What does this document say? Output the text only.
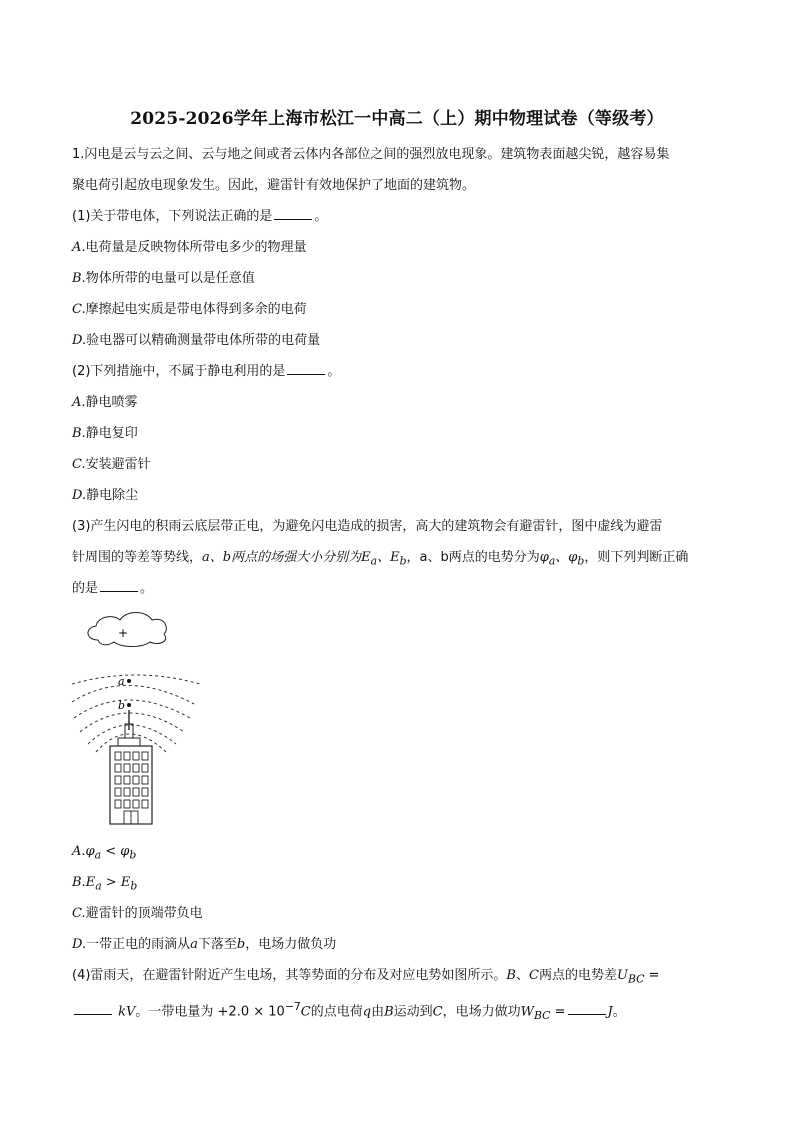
2025-2026学年上海市松江一中高二（上）期中物理试卷（等级考）
1.闪电是云与云之间、云与地之间或者云体内各部位之间的强烈放电现象。建筑物表面越尖锐，越容易集
聚电荷引起放电现象发生。因此，避雷针有效地保护了地面的建筑物。
(1)关于带电体，下列说法正确的是	。
A.电荷量是反映物体所带电多少的物理量
B.物体所带的电量可以是任意值
C.摩擦起电实质是带电体得到多余的电荷
D.验电器可以精确测量带电体所带的电荷量
(2)下列措施中，不属于静电利用的是	。
A.静电喷雾
B.静电复印
C.安装避雷针
D.静电除尘
(3)产生闪电的积雨云底层带正电，为避免闪电造成的损害，高大的建筑物会有避雷针，图中虚线为避雷
针周围的等差等势线，a、b两点的场强大小分别为$E_a$、$E_b$，a、b两点的电势分为$\varphi_a$、$\varphi_b$，则下列判断正确
的是	。
+
a
b
$A.\varphi_a < \varphi_b$
$B.E_a > E_b$
C.避雷针的顶端带负电
D.一带正电的雨滴从a下落至b，电场力做负功
(4)雷雨天，在避雷针附近产生电场，其等势面的分布及对应电势如图所示。B、C两点的电势差$U_{BC}$ =
kV。一带电量为 $+2.0 \times 10^{-7}C$的点电荷q由B运动到C，电场力做功$W_{BC}$ =	J。
